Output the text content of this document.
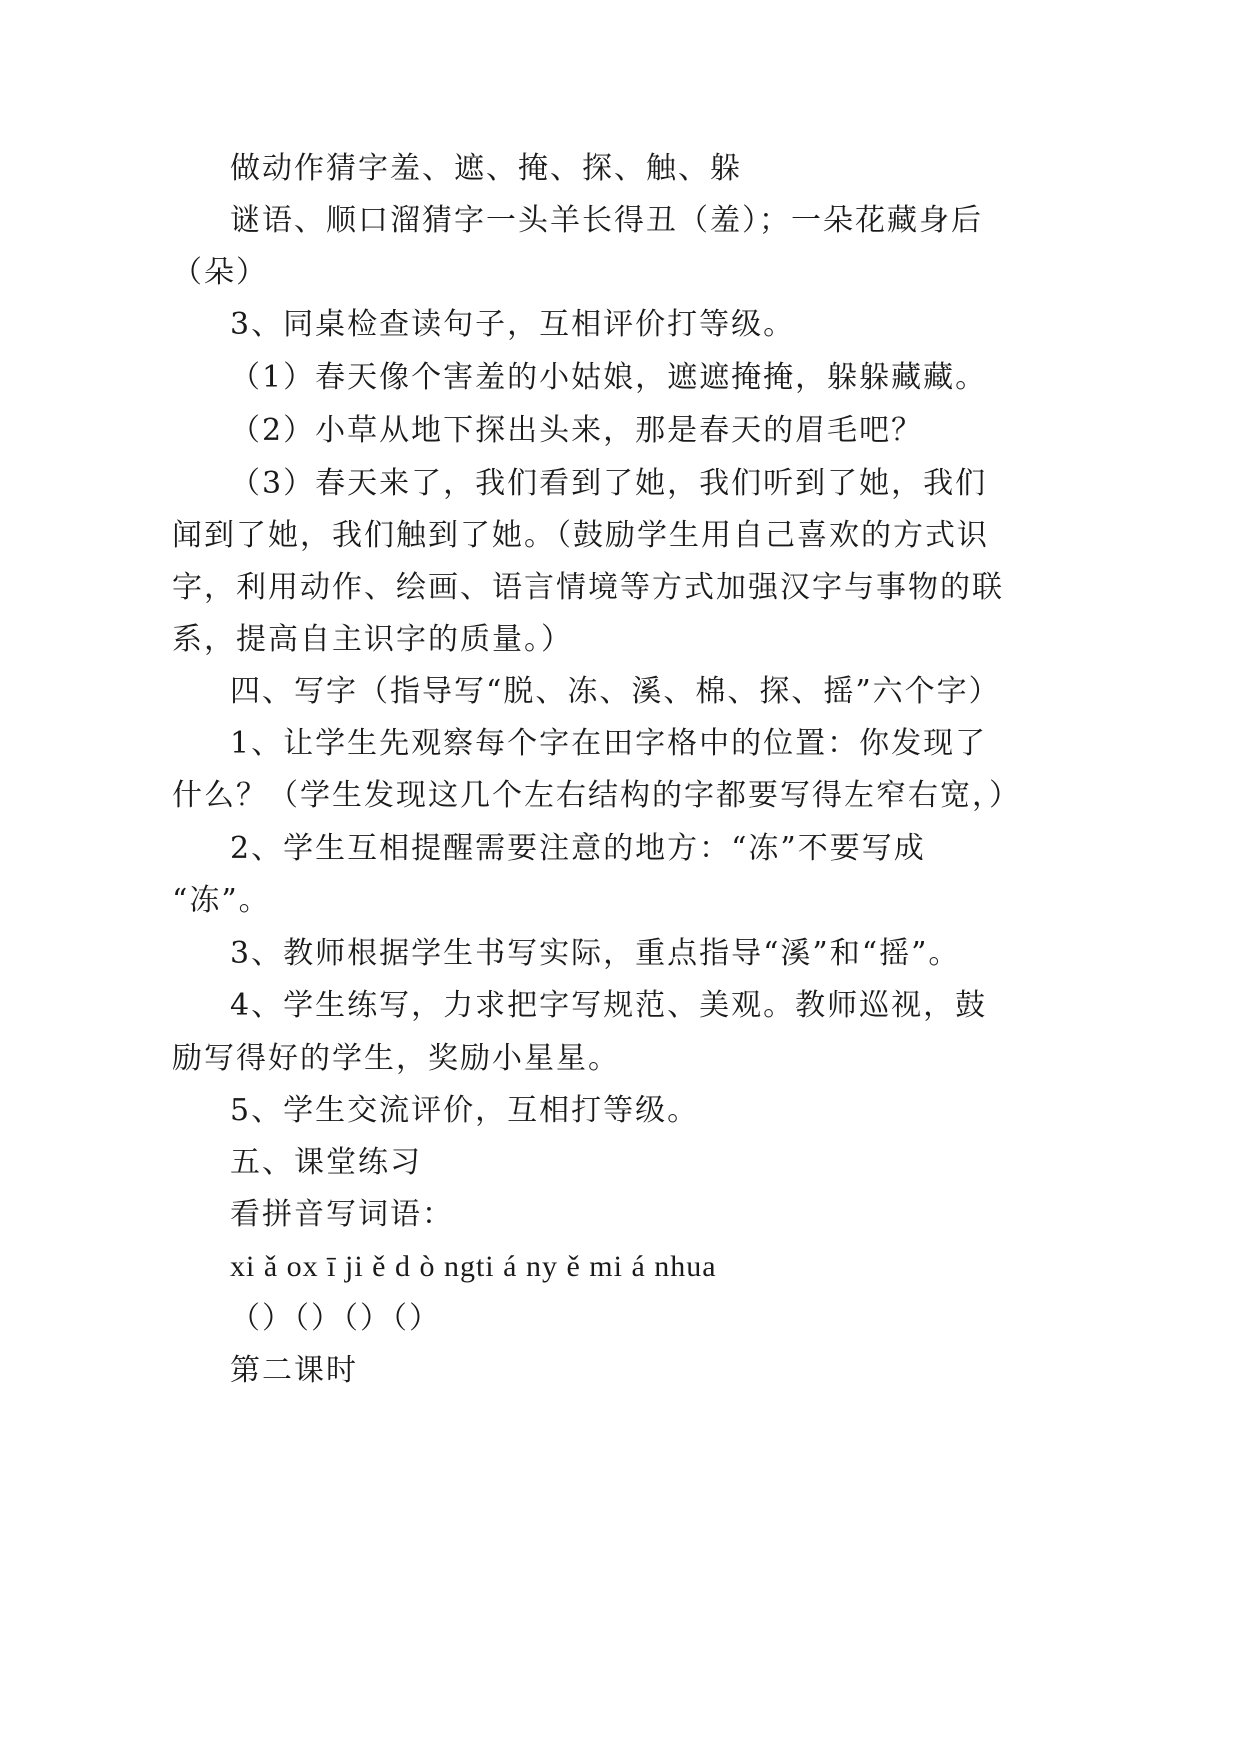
做动作猜字羞、遮、掩、探、触、躲
谜语、顺口溜猜字一头羊长得丑（羞）；一朵花藏身后
（朵）
3、同桌检查读句子，互相评价打等级。
（1）春天像个害羞的小姑娘，遮遮掩掩，躲躲藏藏。
（2）小草从地下探出头来，那是春天的眉毛吧？
（3）春天来了，我们看到了她，我们听到了她，我们
闻到了她，我们触到了她。（鼓励学生用自己喜欢的方式识
字，利用动作、绘画、语言情境等方式加强汉字与事物的联
系，提高自主识字的质量。）
四、写字（指导写“脱、冻、溪、棉、探、摇”六个字）
1、让学生先观察每个字在田字格中的位置：你发现了
什么？（学生发现这几个左右结构的字都要写得左窄右宽，）
2、学生互相提醒需要注意的地方：“冻”不要写成
“冻”。
3、教师根据学生书写实际，重点指导“溪”和“摇”。
4、学生练写，力求把字写规范、美观。教师巡视，鼓
励写得好的学生，奖励小星星。
5、学生交流评价，互相打等级。
五、课堂练习
看拼音写词语：
xi ǎ ox ī ji ě d ò ngti á ny ě mi á nhua
（）（）（）（）
第二课时
